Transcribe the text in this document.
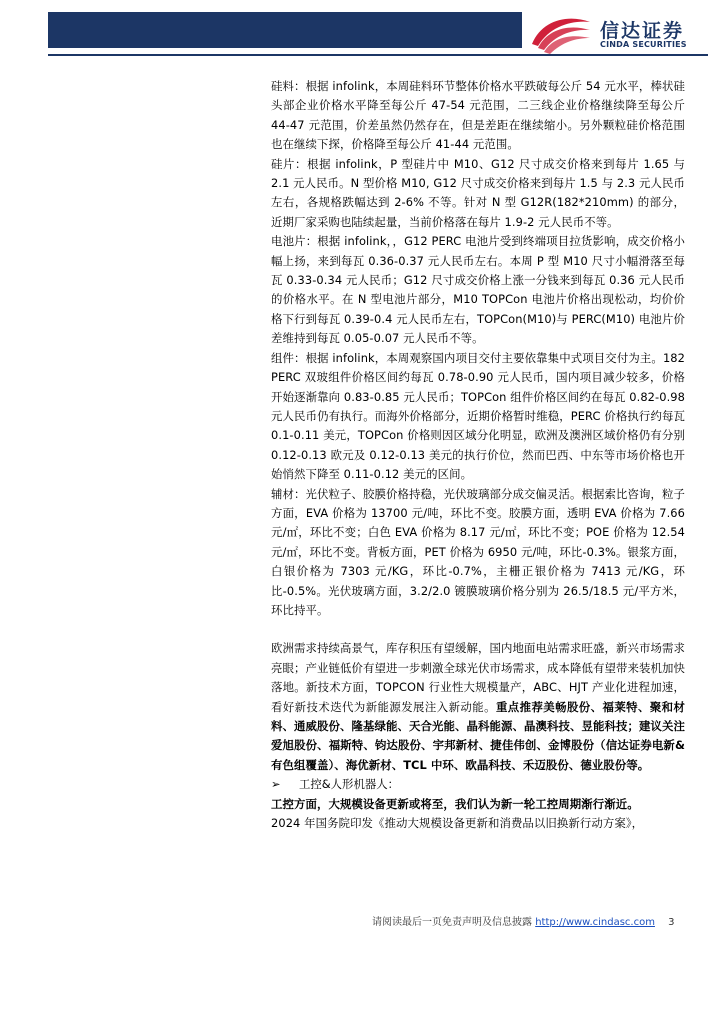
信达证券
CINDA SECURITIES

硅料：根据 infolink，本周硅料环节整体价格水平跌破每公斤 54 元水平，棒状硅头部企业价格水平降至每公斤 47-54 元范围，二三线企业价格继续降至每公斤 44-47 元范围，价差虽然仍然存在，但是差距在继续缩小。另外颗粒硅价格范围也在继续下探，价格降至每公斤 41-44 元范围。

硅片：根据 infolink，P 型硅片中 M10、G12 尺寸成交价格来到每片 1.65 与 2.1 元人民币。N 型价格 M10, G12 尺寸成交价格来到每片 1.5 与 2.3 元人民币左右，各规格跌幅达到 2-6% 不等。针对 N 型 G12R(182*210mm) 的部分，近期厂家采购也陆续起量，当前价格落在每片 1.9-2 元人民币不等。

电池片：根据 infolink，，G12 PERC 电池片受到终端项目拉货影响，成交价格小幅上扬，来到每瓦 0.36-0.37 元人民币左右。本周 P 型 M10 尺寸小幅滑落至每瓦 0.33-0.34 元人民币；G12 尺寸成交价格上涨一分钱来到每瓦 0.36 元人民币的价格水平。在 N 型电池片部分，M10 TOPCon 电池片价格出现松动，均价价格下行到每瓦 0.39-0.4 元人民币左右，TOPCon(M10)与 PERC(M10) 电池片价差维持到每瓦 0.05-0.07 元人民币不等。

组件：根据 infolink，本周观察国内项目交付主要依靠集中式项目交付为主。182 PERC 双玻组件价格区间约每瓦 0.78-0.90 元人民币，国内项目减少较多，价格开始逐渐靠向 0.83-0.85 元人民币；TOPCon 组件价格区间约在每瓦 0.82-0.98 元人民币仍有执行。而海外价格部分，近期价格暂时维稳，PERC 价格执行约每瓦 0.1-0.11 美元，TOPCon 价格则因区域分化明显，欧洲及澳洲区域价格仍有分别 0.12-0.13 欧元及 0.12-0.13 美元的执行价位，然而巴西、中东等市场价格也开始悄然下降至 0.11-0.12 美元的区间。

辅材：光伏粒子、胶膜价格持稳，光伏玻璃部分成交偏灵活。根据索比咨询，粒子方面，EVA 价格为 13700 元/吨，环比不变。胶膜方面，透明 EVA 价格为 7.66 元/㎡，环比不变；白色 EVA 价格为 8.17 元/㎡，环比不变；POE 价格为 12.54 元/㎡，环比不变。背板方面，PET 价格为 6950 元/吨，环比-0.3%。银浆方面，白银价格为 7303 元/KG，环比-0.7%，主栅正银价格为 7413 元/KG，环比-0.5%。光伏玻璃方面，3.2/2.0 镀膜玻璃价格分别为 26.5/18.5 元/平方米，环比持平。

欧洲需求持续高景气，库存积压有望缓解，国内地面电站需求旺盛，新兴市场需求亮眼；产业链低价有望进一步刺激全球光伏市场需求，成本降低有望带来装机加快落地。新技术方面，TOPCON 行业性大规模量产，ABC、HJT 产业化进程加速，看好新技术迭代为新能源发展注入新动能。重点推荐美畅股份、福莱特、聚和材料、通威股份、隆基绿能、天合光能、晶科能源、晶澳科技、昱能科技；建议关注爱旭股份、福斯特、钧达股份、宇邦新材、捷佳伟创、金博股份（信达证券电新&有色组覆盖）、海优新材、TCL 中环、欧晶科技、禾迈股份、德业股份等。

➢	工控&人形机器人：

工控方面，大规模设备更新或将至，我们认为新一轮工控周期渐行渐近。
2024 年国务院印发《推动大规模设备更新和消费品以旧换新行动方案》，

请阅读最后一页免责声明及信息披露 http://www.cindasc.com 3
